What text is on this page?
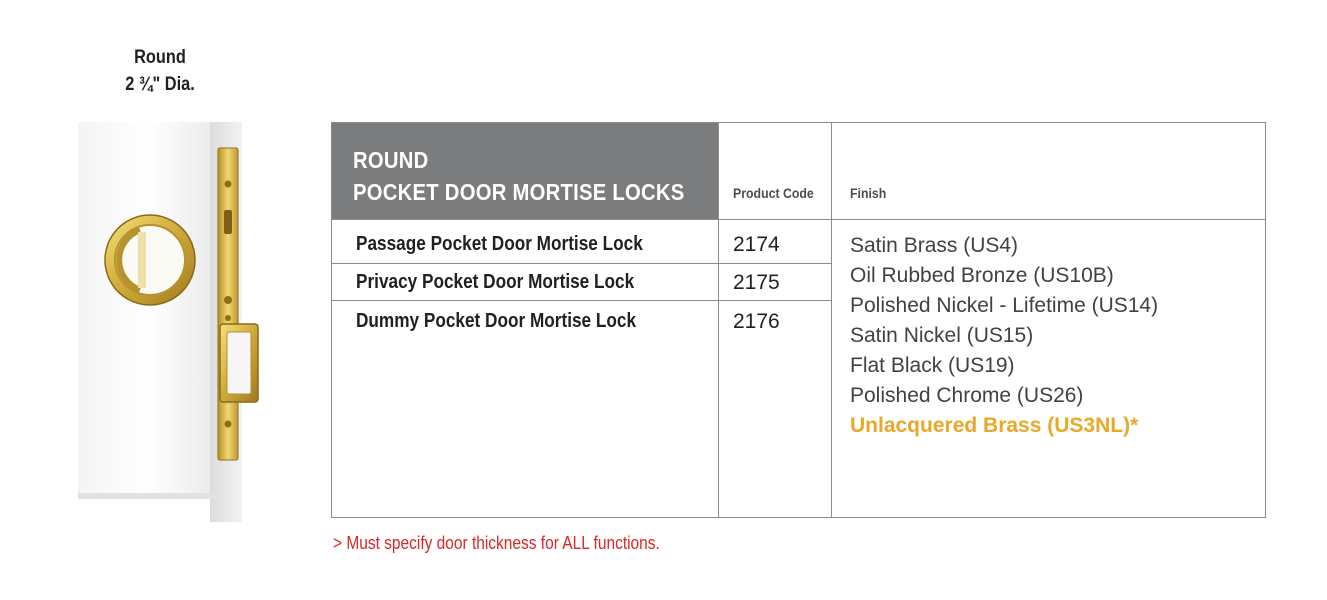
Round
2 ¾" Dia.
ROUND
POCKET DOOR MORTISE LOCKS	Product Code	Finish
Passage Pocket Door Mortise Lock	2174
Privacy Pocket Door Mortise Lock	2175
Dummy Pocket Door Mortise Lock	2176
Satin Brass (US4)
Oil Rubbed Bronze (US10B)
Polished Nickel - Lifetime (US14)
Satin Nickel (US15)
Flat Black (US19)
Polished Chrome (US26)
Unlacquered Brass (US3NL)*
> Must specify door thickness for ALL functions.
